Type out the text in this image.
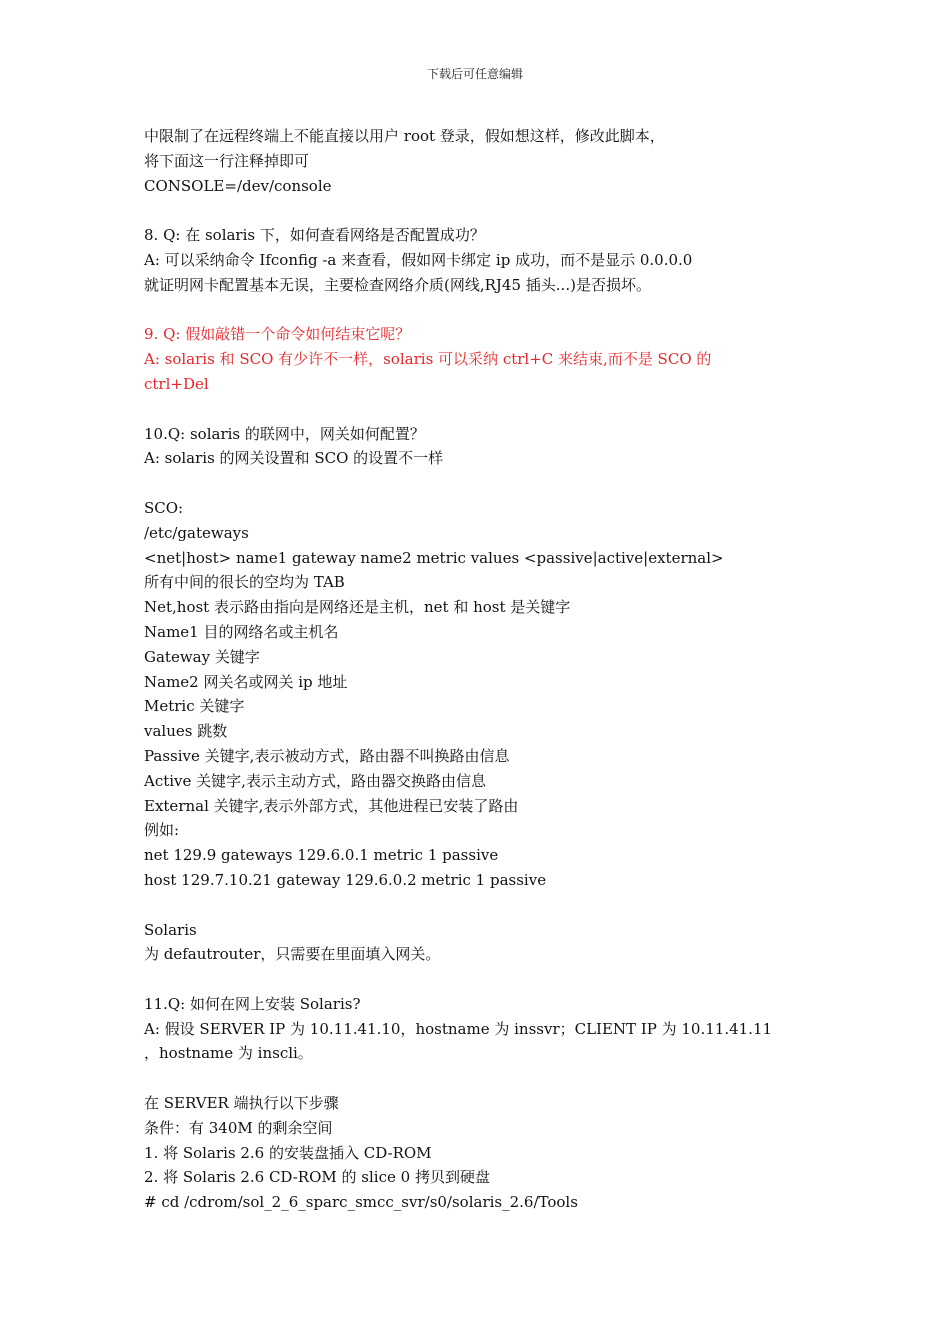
下载后可任意编辑
中限制了在远程终端上不能直接以用户 root 登录，假如想这样，修改此脚本，
将下面这一行注释掉即可
CONSOLE=/dev/console
8. Q: 在 solaris 下，如何查看网络是否配置成功？
A: 可以采纳命令 Ifconfig -a 来查看，假如网卡绑定 ip 成功，而不是显示 0.0.0.0
就证明网卡配置基本无误，主要检查网络介质(网线,RJ45 插头...)是否损坏。
9. Q: 假如敲错一个命令如何结束它呢？
A: solaris 和 SCO 有少许不一样，solaris 可以采纳 ctrl+C 来结束,而不是 SCO 的
ctrl+Del
10.Q: solaris 的联网中，网关如何配置？
A: solaris 的网关设置和 SCO 的设置不一样
SCO:
/etc/gateways
<net|host> name1 gateway name2 metric values <passive|active|external>
所有中间的很长的空均为 TAB
Net,host 表示路由指向是网络还是主机，net 和 host 是关键字
Name1 目的网络名或主机名
Gateway 关键字
Name2 网关名或网关 ip 地址
Metric 关键字
values 跳数
Passive 关键字,表示被动方式，路由器不叫换路由信息
Active 关键字,表示主动方式，路由器交换路由信息
External 关键字,表示外部方式，其他进程已安装了路由
例如:
net 129.9 gateways 129.6.0.1 metric 1 passive
host 129.7.10.21 gateway 129.6.0.2 metric 1 passive
Solaris
为 defautrouter，只需要在里面填入网关。
11.Q: 如何在网上安装 Solaris?
A: 假设 SERVER IP 为 10.11.41.10，hostname 为 inssvr；CLIENT IP 为 10.11.41.11
，hostname 为 inscli。
在 SERVER 端执行以下步骤
条件：有 340M 的剩余空间
1. 将 Solaris 2.6 的安装盘插入 CD-ROM
2. 将 Solaris 2.6 CD-ROM 的 slice 0 拷贝到硬盘
# cd /cdrom/sol_2_6_sparc_smcc_svr/s0/solaris_2.6/Tools
